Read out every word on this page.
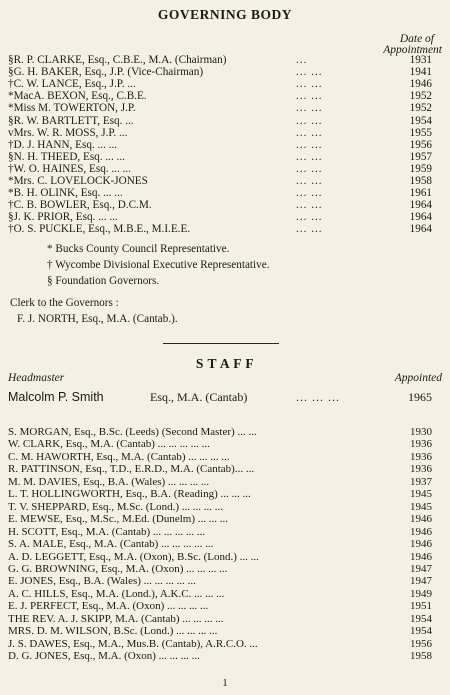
GOVERNING BODY
Date of
Appointment
§R. P. CLARKE, Esq., C.B.E., M.A. (Chairman)	...	1931
§G. H. BAKER, Esq., J.P. (Vice-Chairman)	... ...	1941
†C. W. LANCE, Esq., J.P. ...	... ...	1946
*MacA. BEXON, Esq., C.B.E.	... ...	1952
*Miss M. TOWERTON, J.P.	... ...	1952
§R. W. BARTLETT, Esq. ...	... ...	1954
vMrs. W. R. MOSS, J.P. ...	... ...	1955
†D. J. HANN, Esq. ... ...	... ...	1956
§N. H. THEED, Esq. ... ...	... ...	1957
†W. O. HAINES, Esq. ... ...	... ...	1959
*Mrs. C. LOVELOCK-JONES	... ...	1958
*B. H. OLINK, Esq. ... ...	... ...	1961
†C. B. BOWLER, Esq., D.C.M.	... ...	1964
§J. K. PRIOR, Esq. ... ...	... ...	1964
†O. S. PUCKLE, Esq., M.B.E., M.I.E.E.	... ...	1964
* Bucks County Council Representative.
† Wycombe Divisional Executive Representative.
§ Foundation Governors.
Clerk to the Governors :
F. J. NORTH, Esq., M.A. (Cantab.).
S T A F F
Headmaster	Appointed
Malcolm P. Smith	Esq., M.A. (Cantab)	... ... ...	1965
S. MORGAN, Esq., B.Sc. (Leeds) (Second Master) ... ...	1930
W. CLARK, Esq., M.A. (Cantab) ... ... ... ... ...	1936
C. M. HAWORTH, Esq., M.A. (Cantab) ... ... ... ...	1936
R. PATTINSON, Esq., T.D., E.R.D., M.A. (Cantab)... ...	1936
M. M. DAVIES, Esq., B.A. (Wales) ... ... ... ...	1937
L. T. HOLLINGWORTH, Esq., B.A. (Reading) ... ... ...	1945
T. V. SHEPPARD, Esq., M.Sc. (Lond.) ... ... ... ...	1945
E. MEWSE, Esq., M.Sc., M.Ed. (Dunelm) ... ... ...	1946
H. SCOTT, Esq., M.A. (Cantab) ... ... ... ... ...	1946
S. A. MALE, Esq., M.A. (Cantab) ... ... ... ... ...	1946
A. D. LEGGETT, Esq., M.A. (Oxon), B.Sc. (Lond.) ... ...	1946
G. G. BROWNING, Esq., M.A. (Oxon) ... ... ... ...	1947
E. JONES, Esq., B.A. (Wales) ... ... ... ... ...	1947
A. C. HILLS, Esq., M.A. (Lond.), A.K.C. ... ... ...	1949
E. J. PERFECT, Esq., M.A. (Oxon) ... ... ... ...	1951
THE REV. A. J. SKIPP, M.A. (Cantab) ... ... ... ...	1954
MRS. D. M. WILSON, B.Sc. (Lond.) ... ... ... ...	1954
J. S. DAWES, Esq., M.A., Mus.B. (Cantab), A.R.C.O. ...	1956
D. G. JONES, Esq., M.A. (Oxon) ... ... ... ...	1958
1
